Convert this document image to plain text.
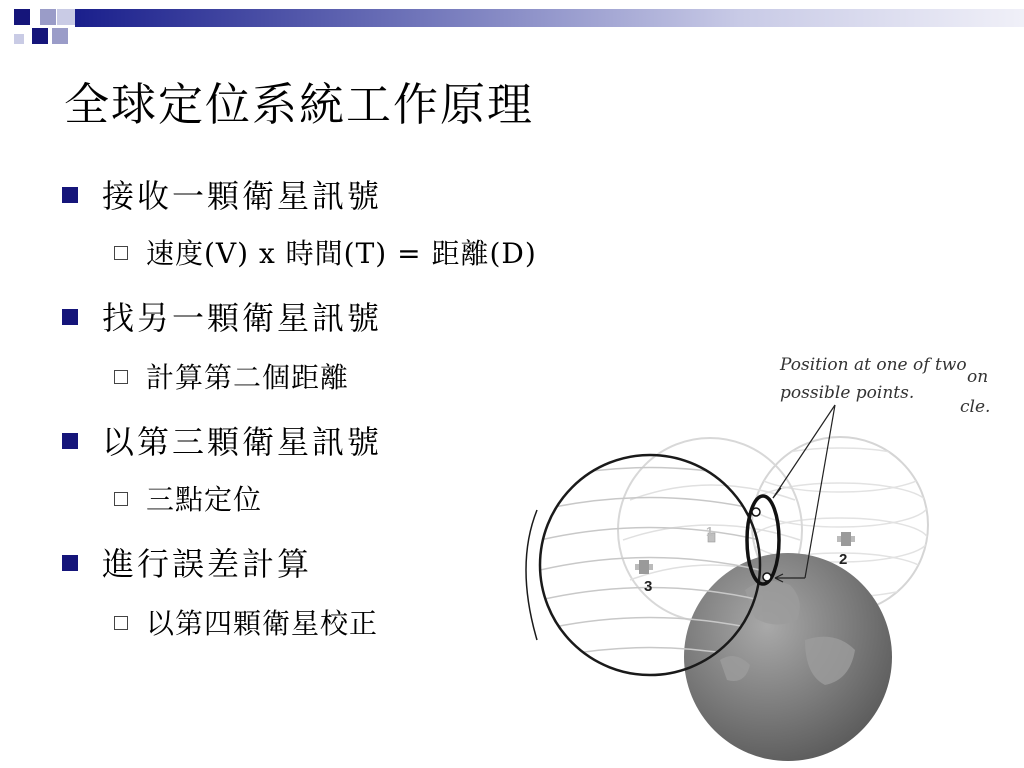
全球定位系統工作原理
接收一顆衛星訊號
速度(V) x 時間(T) = 距離(D)
找另一顆衛星訊號
計算第二個距離
以第三顆衛星訊號
三點定位
進行誤差計算
以第四顆衛星校正
1
2
3
Position at one of two
possible points.
on
cle.
